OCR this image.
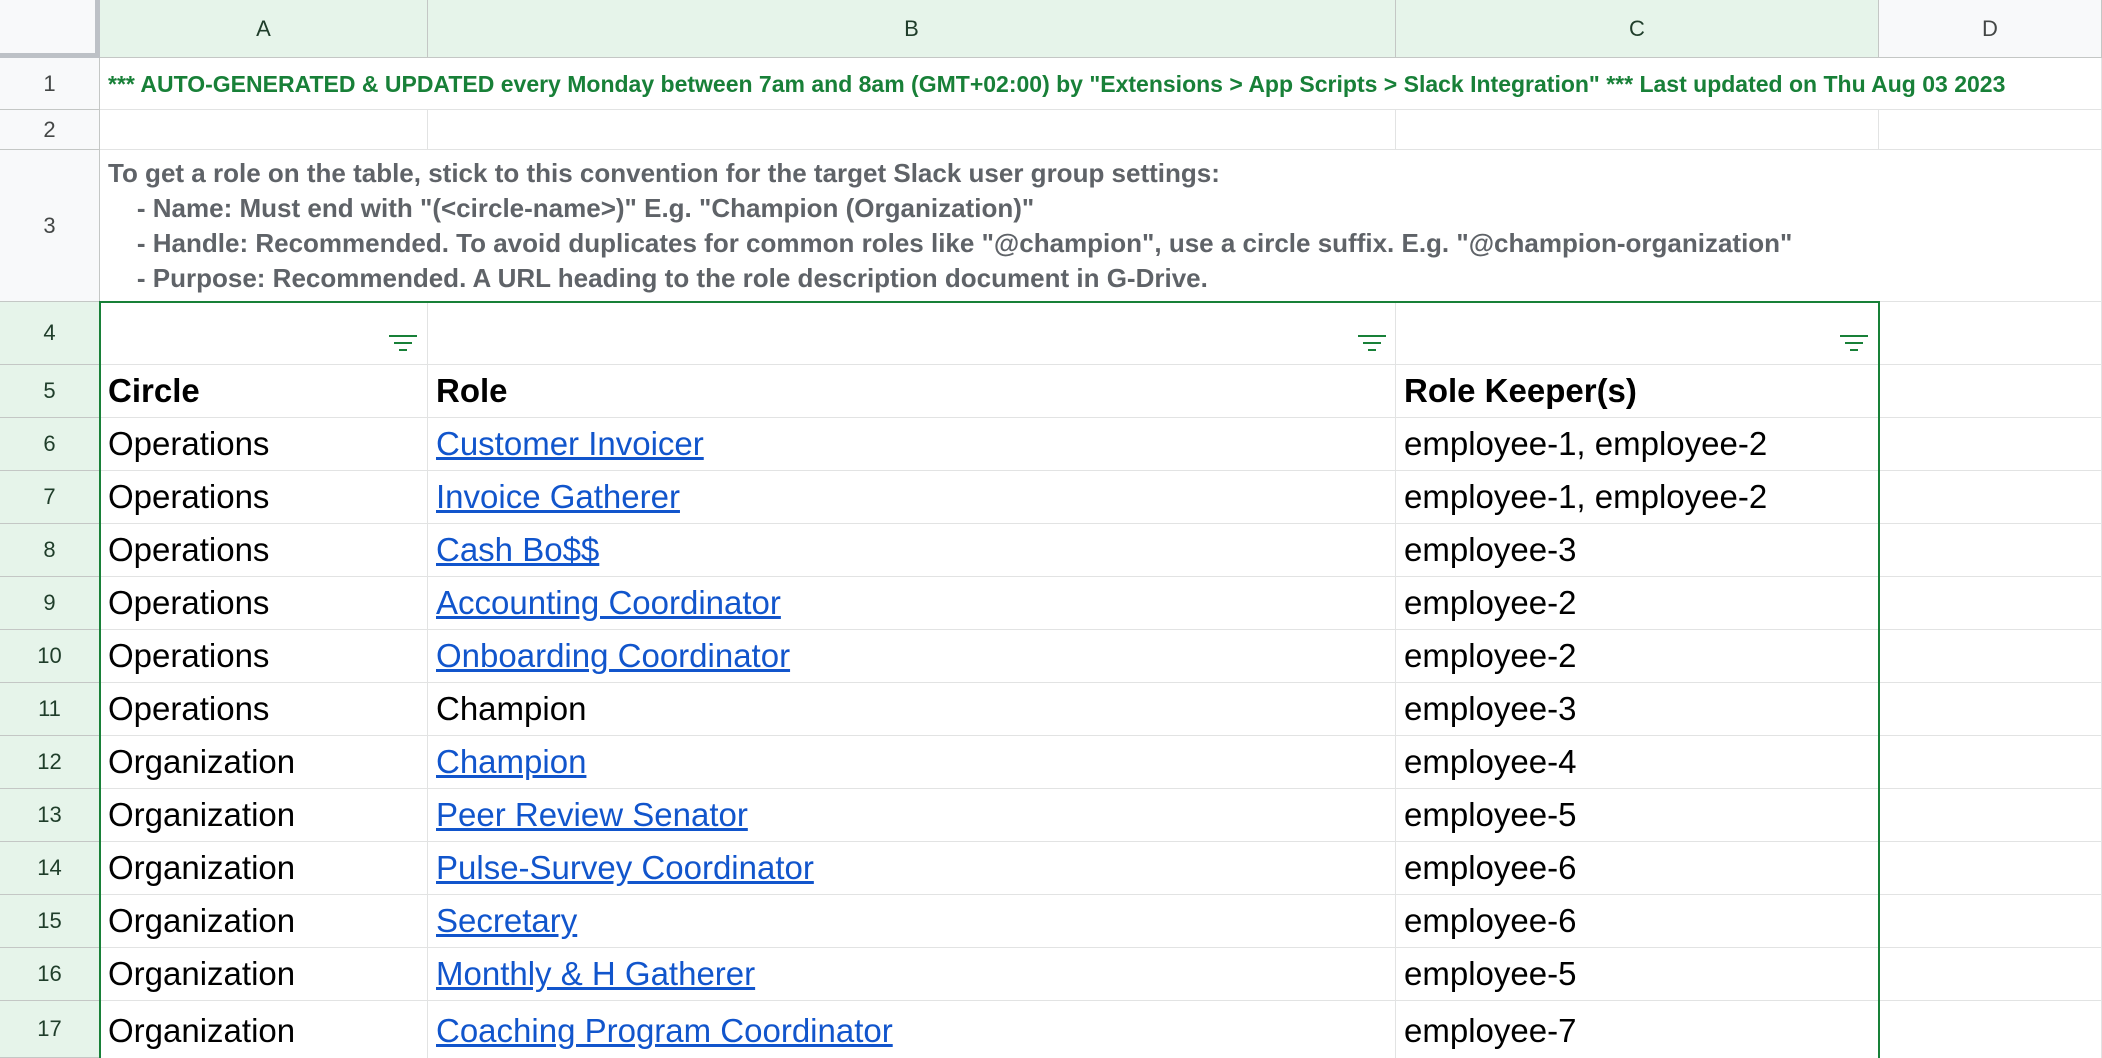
A	B	C	D
1
2
3
4
5
6
7
8
9
10
11
12
13
14
15
16
17
*** AUTO-GENERATED & UPDATED every Monday between 7am and 8am (GMT+02:00) by "Extensions > App Scripts > Slack Integration" *** Last updated on Thu Aug 03 2023
To get a role on the table, stick to this convention for the target Slack user group settings:
- Name: Must end with "(<circle-name>)" E.g. "Champion (Organization)"
- Handle: Recommended. To avoid duplicates for common roles like "@champion", use a circle suffix. E.g. "@champion-organization"
- Purpose: Recommended. A URL heading to the role description document in G-Drive.
Circle	Role	Role Keeper(s)
Operations	Customer Invoicer	employee-1, employee-2
Operations	Invoice Gatherer	employee-1, employee-2
Operations	Cash Bo$$	employee-3
Operations	Accounting Coordinator	employee-2
Operations	Onboarding Coordinator	employee-2
Operations	Champion	employee-3
Organization	Champion	employee-4
Organization	Peer Review Senator	employee-5
Organization	Pulse-Survey Coordinator	employee-6
Organization	Secretary	employee-6
Organization	Monthly & H Gatherer	employee-5
Organization	Coaching Program Coordinator	employee-7
